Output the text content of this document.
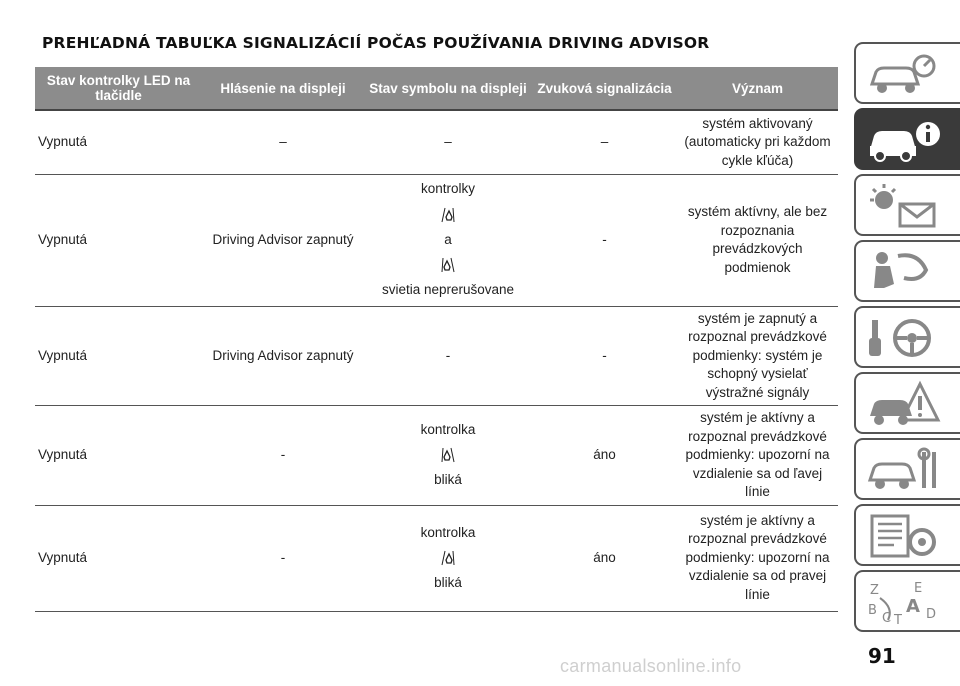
PREHĽADNÁ TABUĽKA SIGNALIZÁCIÍ POČAS POUŽÍVANIA DRIVING ADVISOR
Stav kontrolky LED na tlačidle	Hlásenie na displeji	Stav symbolu na displeji	Zvuková signalizácia	Význam
Vypnutá	–	–	–	systém aktivovaný (automaticky pri každom cykle kľúča)
Vypnutá	Driving Advisor zapnutý	kontrolky
a
svietia neprerušovane	-	systém aktívny, ale bez rozpoznania prevádzkových podmienok
Vypnutá	Driving Advisor zapnutý	-	-	systém je zapnutý a rozpoznal prevádzkové podmienky: systém je schopný vysielať výstražné signály
Vypnutá	-	kontrolka
bliká	áno	systém je aktívny a rozpoznal prevádzkové podmienky: upozorní na vzdialenie sa od ľavej línie
Vypnutá	-	kontrolka
bliká	áno	systém je aktívny a rozpoznal prevádzkové podmienky: upozorní na vzdialenie sa od pravej línie	Z	E
B A D
C T
91
carmanualsonline.info
